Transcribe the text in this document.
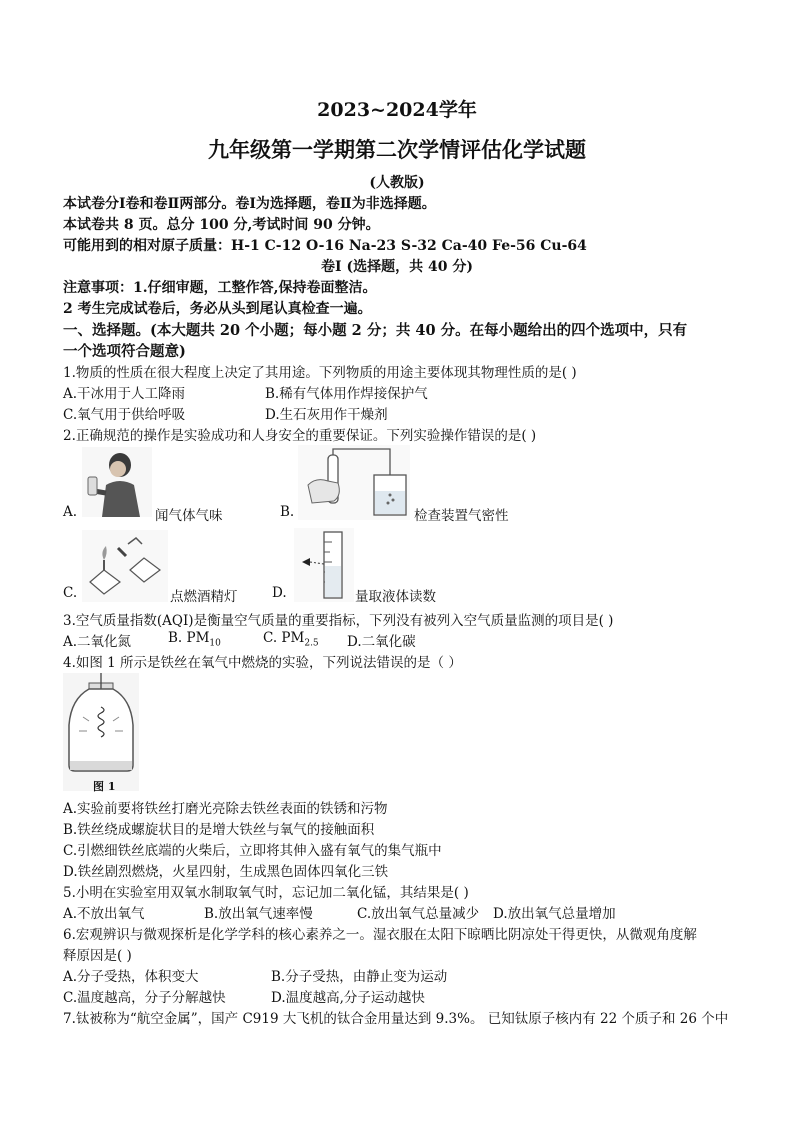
2023~2024学年
九年级第一学期第二次学情评估化学试题
(人教版)
本试卷分Ⅰ卷和卷Ⅱ两部分。卷Ⅰ为选择题，卷Ⅱ为非选择题。
本试卷共 8 页。总分 100 分,考试时间 90 分钟。
可能用到的相对原子质量：H-1 C-12 O-16 Na-23 S-32 Ca-40 Fe-56 Cu-64
卷Ⅰ (选择题，共 40 分)
注意事项：1.仔细审题，工整作答,保持卷面整洁。
2 考生完成试卷后，务必从头到尾认真检查一遍。
一、选择题。(本大题共 20 个小题；每小题 2 分；共 40 分。在每小题给出的四个选项中，只有
一个选项符合题意)
1.物质的性质在很大程度上决定了其用途。下列物质的用途主要体现其物理性质的是( )
A.干冰用于人工降雨	B.稀有气体用作焊接保护气
C.氧气用于供给呼吸	D.生石灰用作干燥剂
2.正确规范的操作是实验成功和人身安全的重要保证。下列实验操作错误的是( )
A.	闻气体气味	B.	检查装置气密性
C.	点燃酒精灯	D.	量取液体读数
3.空气质量指数(AQI)是衡量空气质量的重要指标，下列没有被列入空气质量监测的项目是( )
A.二氧化氮	B. $PM_{10}$	C. $PM_{2.5}$ D.二氧化碳
4.如图 1 所示是铁丝在氧气中燃烧的实验，下列说法错误的是（ ）
图 1
A.实验前要将铁丝打磨光亮除去铁丝表面的铁锈和污物
B.铁丝绕成螺旋状目的是增大铁丝与氧气的接触面积
C.引燃细铁丝底端的火柴后，立即将其伸入盛有氧气的集气瓶中
D.铁丝剧烈燃烧，火星四射，生成黑色固体四氧化三铁
5.小明在实验室用双氧水制取氧气时，忘记加二氧化锰，其结果是( )
A.不放出氧气	B.放出氧气速率慢	C.放出氧气总量减少 D.放出氧气总量增加
6.宏观辨识与微观探析是化学学科的核心素养之一。湿衣服在太阳下晾晒比阴凉处干得更快，从微观角度解
释原因是( )
A.分子受热，体积变大	B.分子受热，由静止变为运动
C.温度越高，分子分解越快	D.温度越高,分子运动越快
7.钛被称为“航空金属”，国产 C919 大飞机的钛合金用量达到 9.3%。 已知钛原子核内有 22 个质子和 26 个中
